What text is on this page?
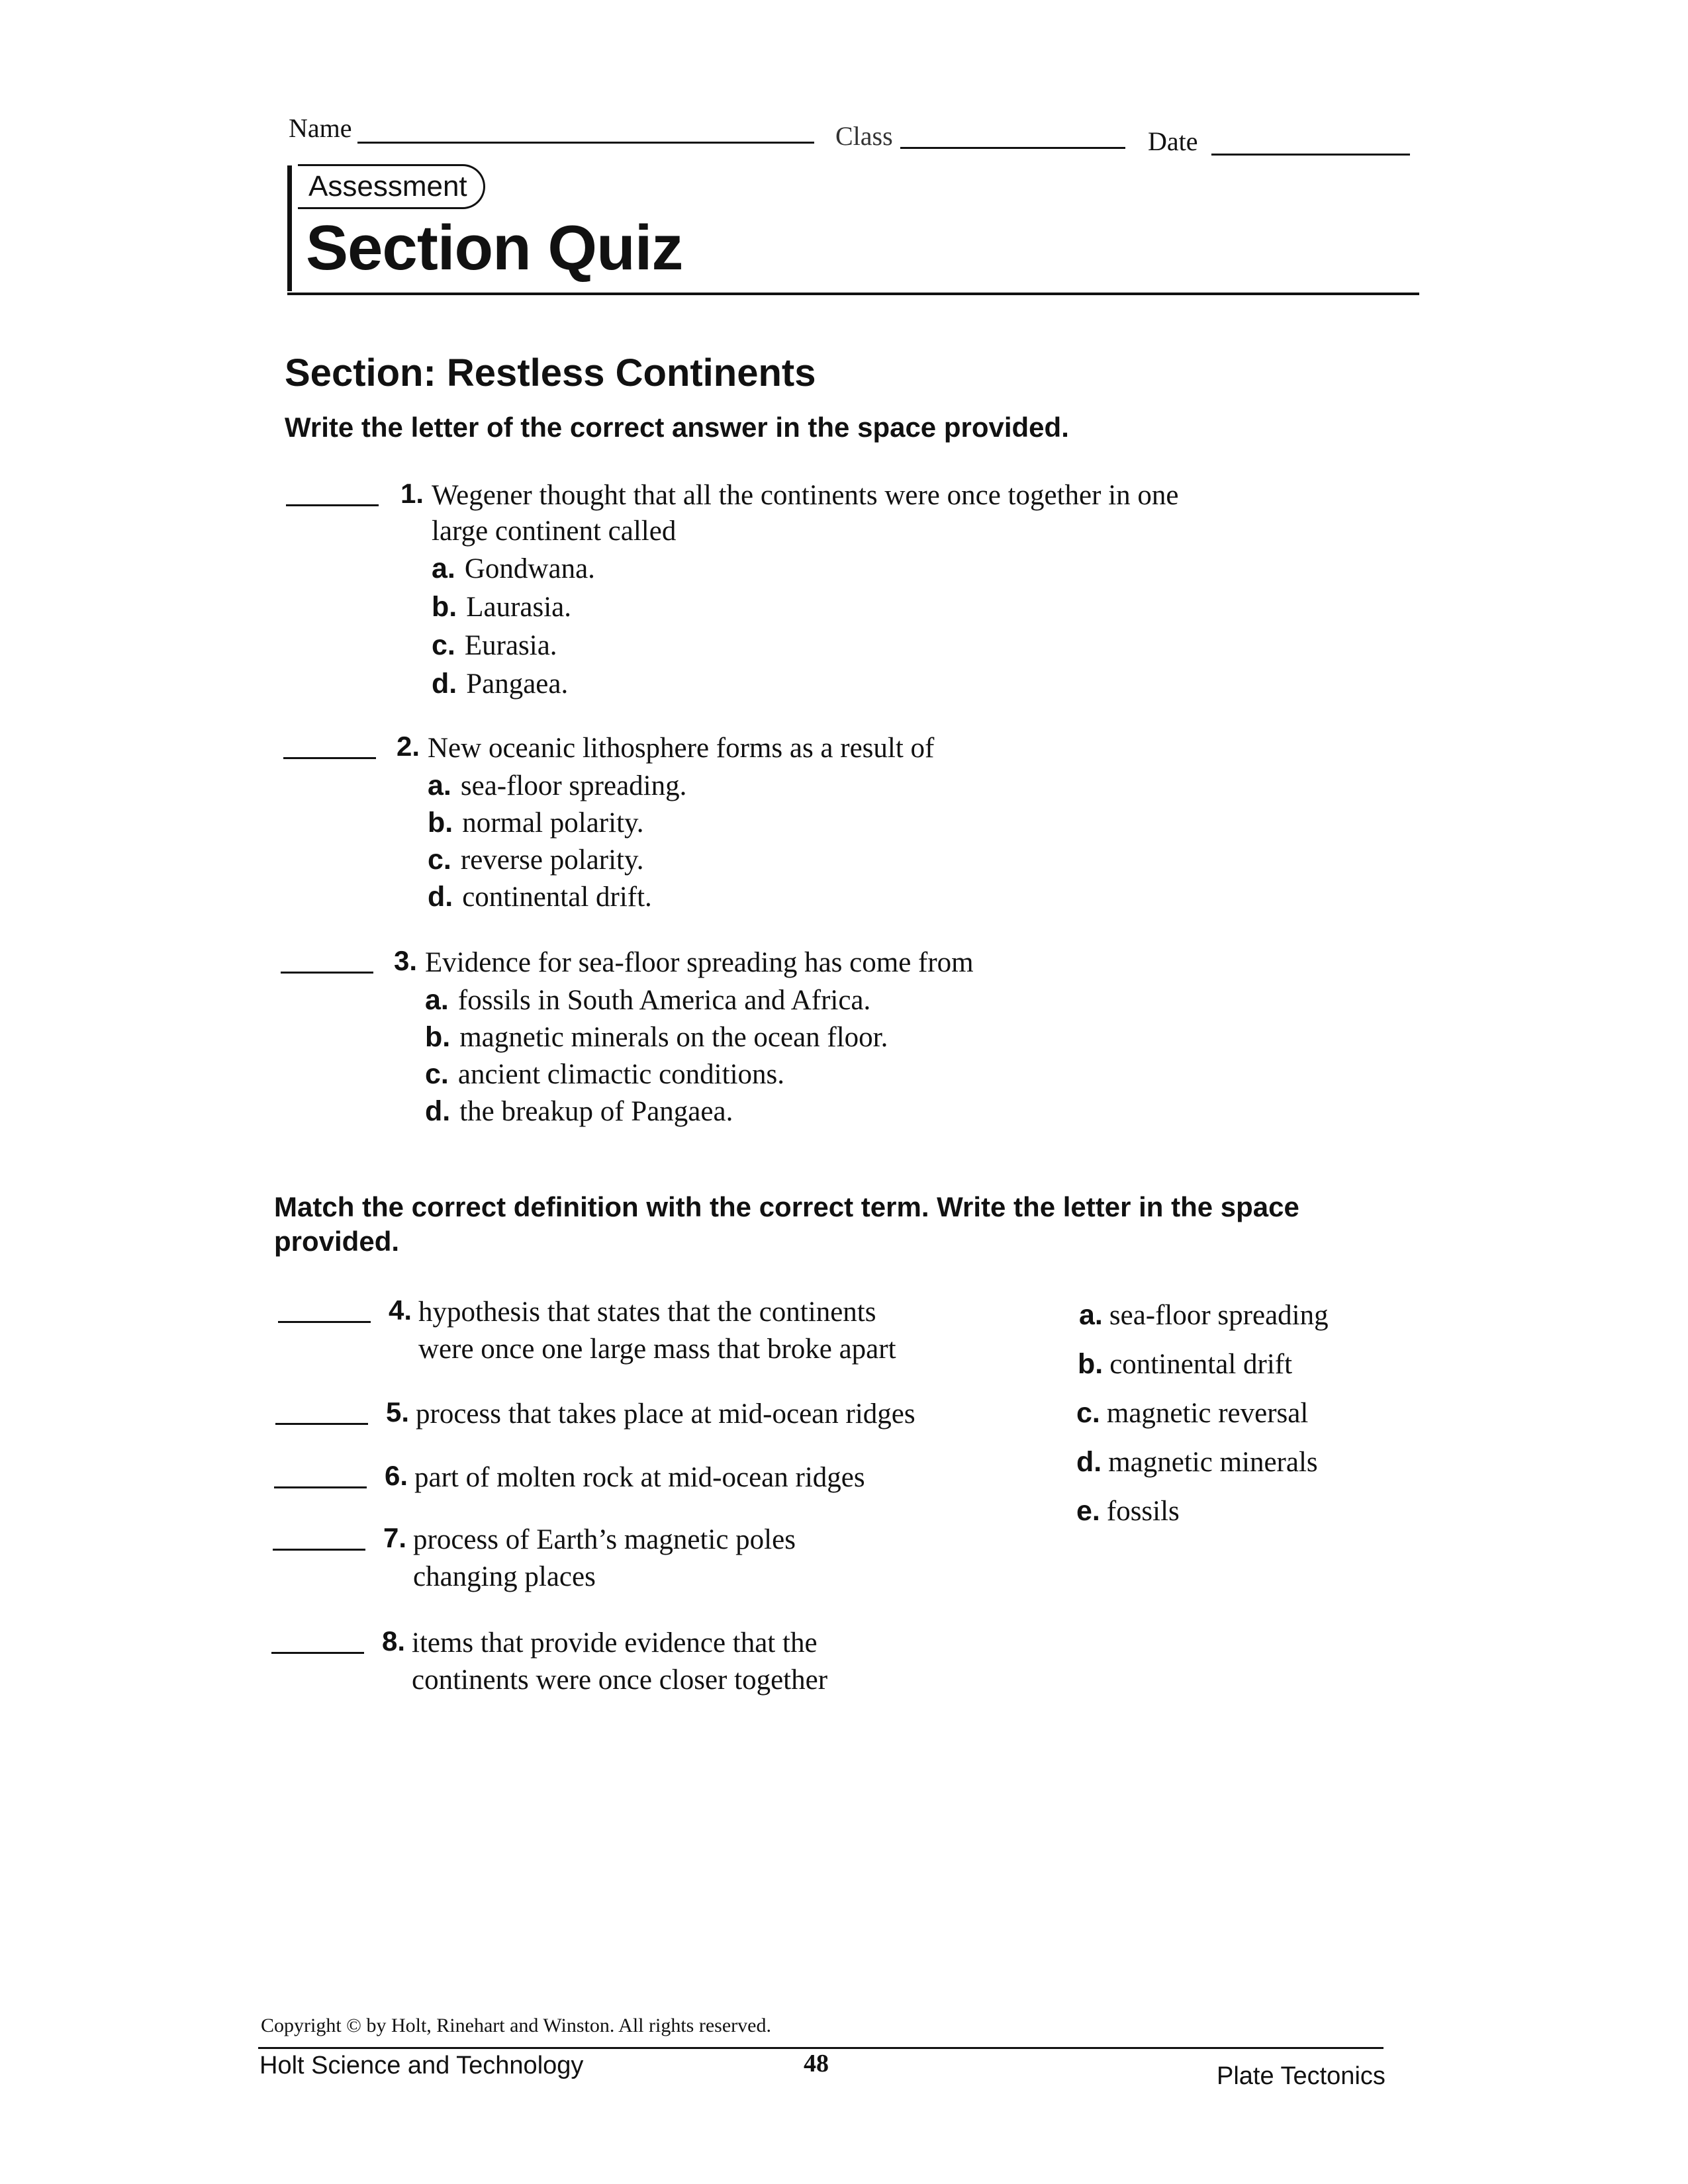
Name	Class	Date
Assessment
Section Quiz
Section: Restless Continents
Write the letter of the correct answer in the space provided.
1. Wegener thought that all the continents were once together in one
large continent called
a. Gondwana.
b. Laurasia.
c. Eurasia.
d. Pangaea.
2. New oceanic lithosphere forms as a result of
a. sea-floor spreading.
b. normal polarity.
c. reverse polarity.
d. continental drift.
3. Evidence for sea-floor spreading has come from
a. fossils in South America and Africa.
b. magnetic minerals on the ocean floor.
c. ancient climactic conditions.
d. the breakup of Pangaea.
Match the correct definition with the correct term. Write the letter in the space
provided.
4. hypothesis that states that the continents
were once one large mass that broke apart
5. process that takes place at mid-ocean ridges
6. part of molten rock at mid-ocean ridges
7. process of Earth’s magnetic poles
changing places
8. items that provide evidence that the
continents were once closer together
a. sea-floor spreading
b. continental drift
c. magnetic reversal
d. magnetic minerals
e. fossils
Copyright © by Holt, Rinehart and Winston. All rights reserved.
Holt Science and Technology	48	Plate Tectonics
